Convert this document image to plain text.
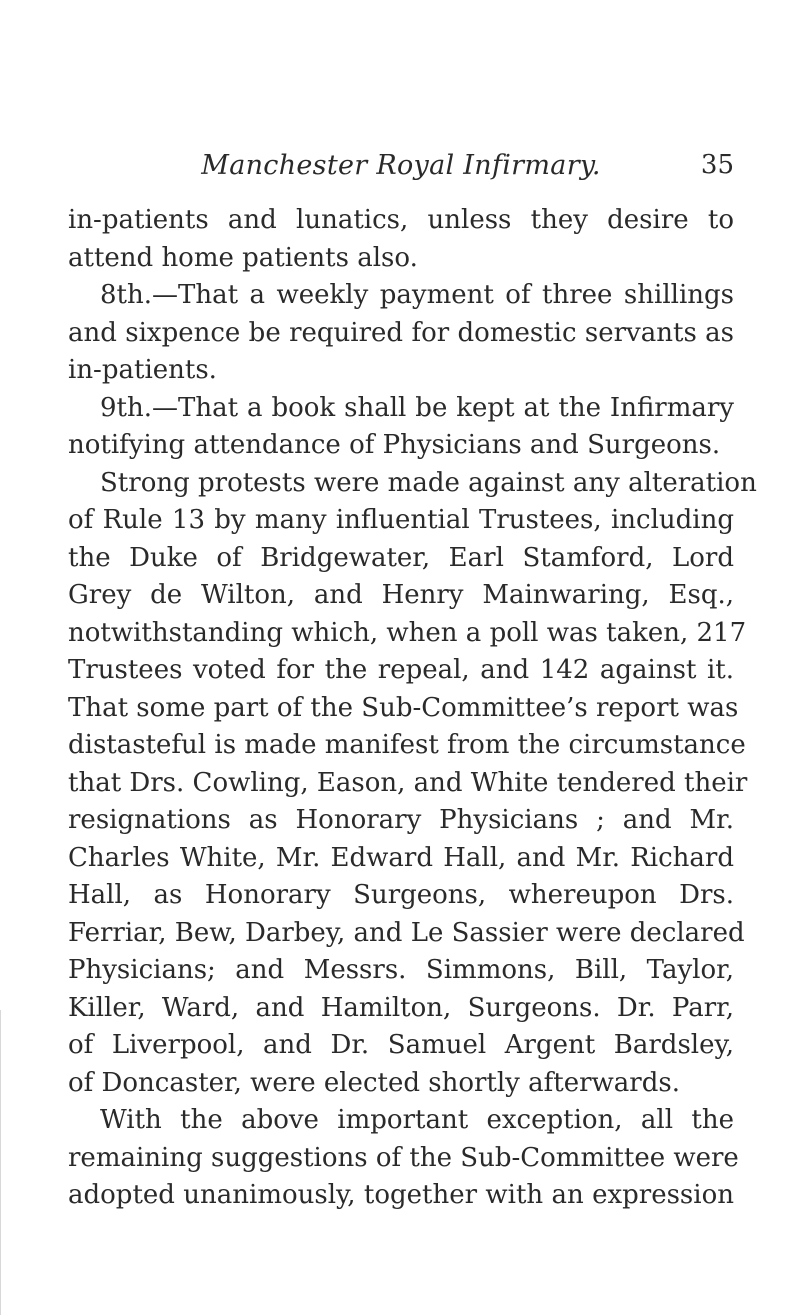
Manchester Royal Infirmary.	35
in-patients and lunatics, unless they desire to
attend home patients also.
8th.—That a weekly payment of three shillings
and sixpence be required for domestic servants as
in-patients.
9th.—That a book shall be kept at the Infirmary
notifying attendance of Physicians and Surgeons.
Strong protests were made against any alteration
of Rule 13 by many influential Trustees, including
the Duke of Bridgewater, Earl Stamford, Lord
Grey de Wilton, and Henry Mainwaring, Esq.,
notwithstanding which, when a poll was taken, 217
Trustees voted for the repeal, and 142 against it.
That some part of the Sub-Committee’s report was
distasteful is made manifest from the circumstance
that Drs. Cowling, Eason, and White tendered their
resignations as Honorary Physicians ; and Mr.
Charles White, Mr. Edward Hall, and Mr. Richard
Hall, as Honorary Surgeons, whereupon Drs.
Ferriar, Bew, Darbey, and Le Sassier were declared
Physicians; and Messrs. Simmons, Bill, Taylor,
Killer, Ward, and Hamilton, Surgeons. Dr. Parr,
of Liverpool, and Dr. Samuel Argent Bardsley,
of Doncaster, were elected shortly afterwards.
With the above important exception, all the
remaining suggestions of the Sub-Committee were
adopted unanimously, together with an expression
